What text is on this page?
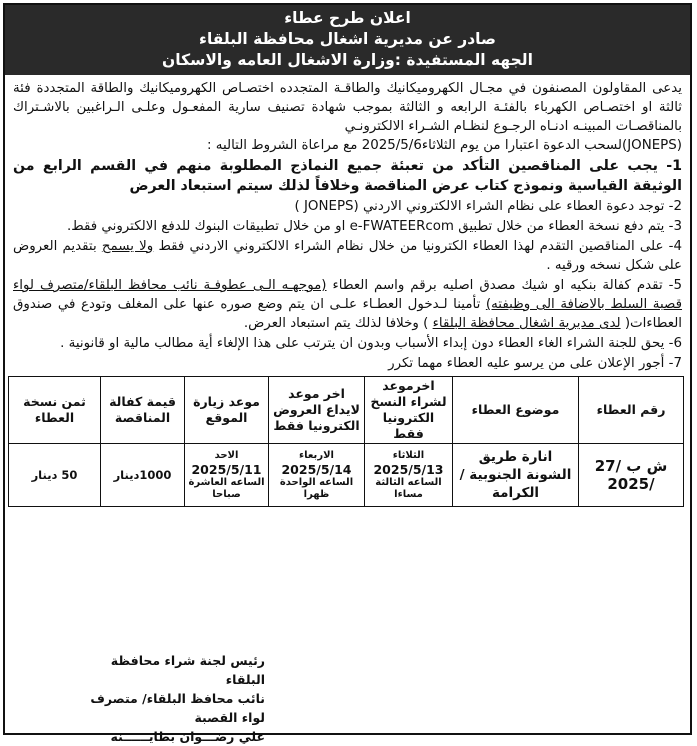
اعلان طرح عطاء
صادر عن مديرية اشغال محافظة البلقاء
الجهه المستفيدة :وزارة الاشغال العامه والاسكان

يدعى المقاولون المصنفون في مجـال الكهروميكانيك والطاقـة المتجدده اختصـاص الكهروميكانيك والطاقة المتجددة فئة ثالثة او اختصـاص الكهرباء بالفئـة الرابعه و الثالثة بموجب شهادة تصنيف سارية المفعـول وعلـى الـراغبين بالاشـتراك بالمناقصـات المبينـه ادنـاه الرجـوع لنظـام الشـراء الالكترونـي
(JONEPS)لسحب الدعوة اعتبارا من يوم الثلاثاء2025/5/6 مع مراعاة الشروط التاليه :

1- يجب على المناقصين التأكد من تعبئة جميع النماذج المطلوبة منهم في القسم الرابع من الوثيقة القياسية ونموذج كتاب عرض المناقصة وخلافاً لذلك سيتم استبعاد العرض

2- توجد دعوة العطاء على نظام الشراء الالكتروني الاردني (JONEPS )

3- يتم دفع نسخة العطاء من خلال تطبيق e-FWATEERcom او من خلال تطبيقات البنوك للدفع الالكتروني فقط.

4- على المناقصين التقدم لهذا العطاء الكترونيا من خلال نظام الشراء الالكتروني الاردني فقط ولا يسمح بتقديم العروض على شكل نسخه ورقيه .

5- تقدم كفالة بنكيه او شيك مصدق اصليه برقم واسم العطاء (موجهـه الـى عطوفـة نائب محافظ البلقاء/متصرف لواء قصبة السلط بالاضافة الى وظيفته) تأمينا لـدخول العطـاء علـى ان يتم وضع صوره عنها على المغلف وتودع في صندوق العطاءات( لدى مديرية اشغال محافظة البلقاء ) وخلافا لذلك يتم استبعاد العرض.

6- يحق للجنة الشراء الغاء العطاء دون إبداء الأسباب وبدون ان يترتب على هذا الإلغاء أية مطالب مالية او قانونية .

7- أجور الإعلان على من يرسو عليه العطاء مهما تكرر

رقم العطاء	موضوع العطاء	اخرموعد لشراء النسخ الكترونيا فقط	اخر موعد لايداع العروض الكترونيا فقط	موعد زيارة الموقع	قيمة كفالة المناقصة	ثمن نسخة العطاء
ش ب /27 /2025	انارة طريق الشونة الجنوبية /الكرامة	الثلاثاء
2025/5/13
الساعه الثالثة مساءا	الاربعاء
2025/5/14
الساعه الواحدة ظهرا	الاحد
2025/5/11
الساعه العاشرة صباحا	1000دينار	50 دينار
رئيس لجنة شراء محافظة البلقاء
نائب محافظ البلقاء/ متصرف لواء القصبة
علي رضـــوان بطايــــــنه
